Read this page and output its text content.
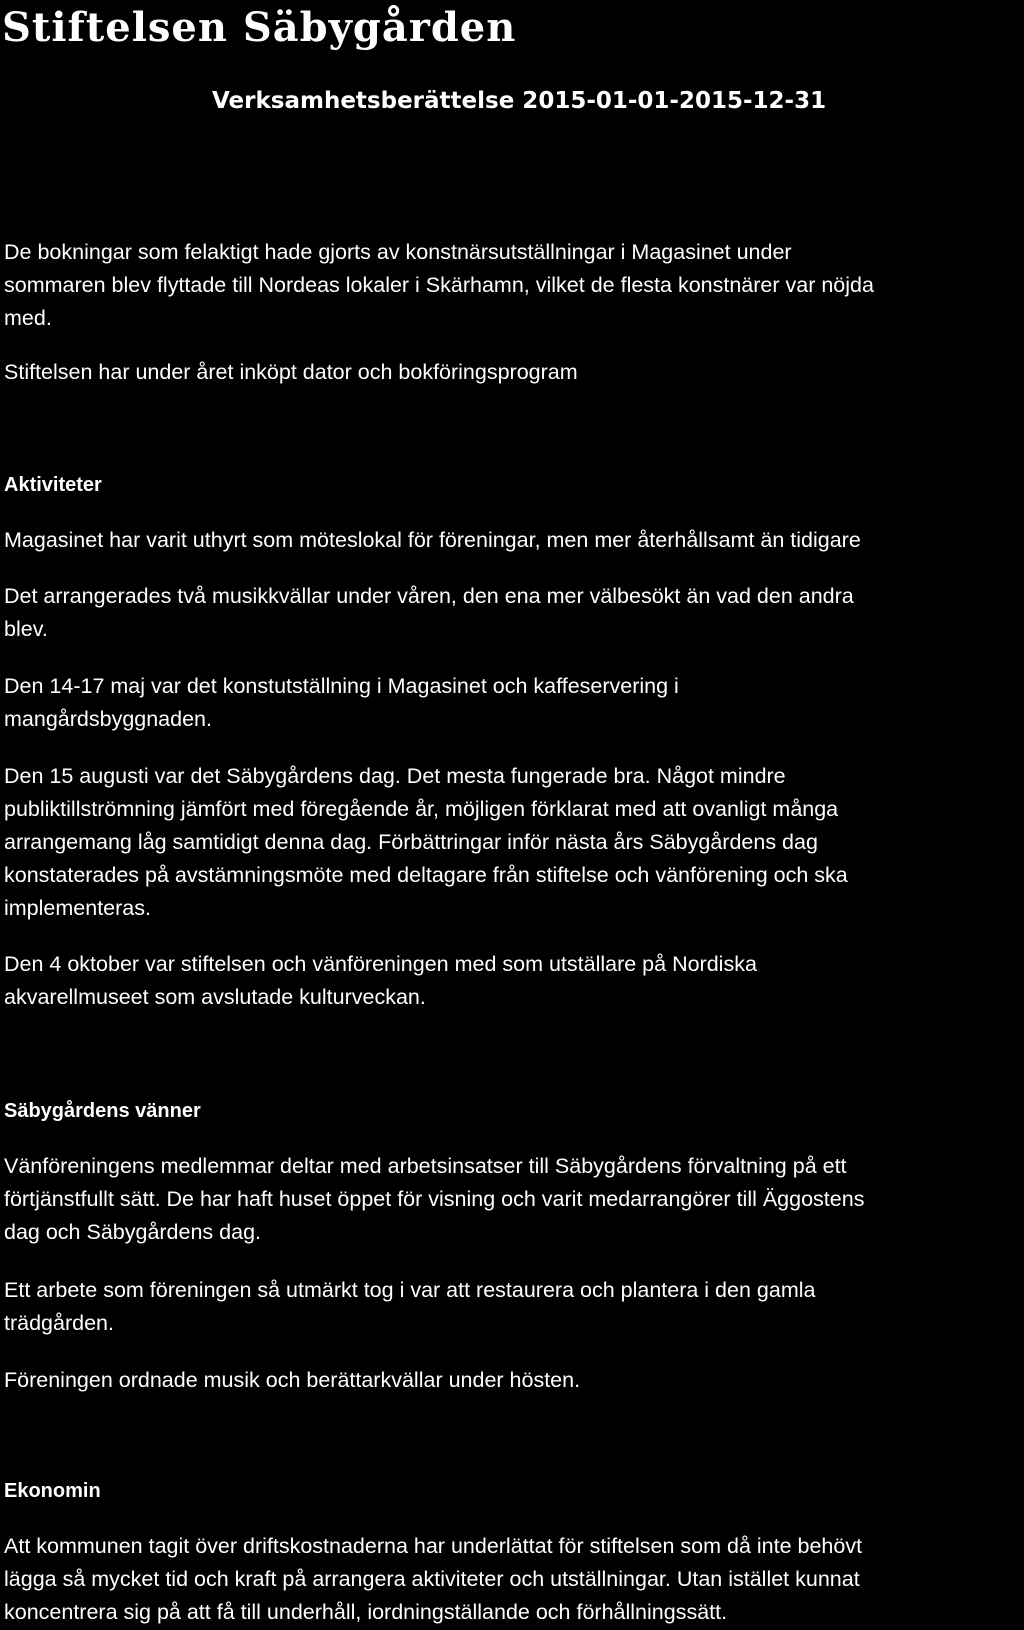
Stiftelsen Säbygården
Verksamhetsberättelse 2015-01-01-2015-12-31
De bokningar som felaktigt hade gjorts av konstnärsutställningar i Magasinet under
sommaren blev flyttade till Nordeas lokaler i Skärhamn, vilket de flesta konstnärer var nöjda
med.
Stiftelsen har under året inköpt dator och bokföringsprogram
Aktiviteter
Magasinet har varit uthyrt som möteslokal för föreningar, men mer återhållsamt än tidigare
Det arrangerades två musikkvällar under våren, den ena mer välbesökt än vad den andra
blev.
Den 14-17 maj var det konstutställning i Magasinet och kaffeservering i
mangårdsbyggnaden.
Den 15 augusti var det Säbygårdens dag. Det mesta fungerade bra. Något mindre
publiktillströmning jämfört med föregående år, möjligen förklarat med att ovanligt många
arrangemang låg samtidigt denna dag. Förbättringar inför nästa års Säbygårdens dag
konstaterades på avstämningsmöte med deltagare från stiftelse och vänförening och ska
implementeras.
Den 4 oktober var stiftelsen och vänföreningen med som utställare på Nordiska
akvarellmuseet som avslutade kulturveckan.
Säbygårdens vänner
Vänföreningens medlemmar deltar med arbetsinsatser till Säbygårdens förvaltning på ett
förtjänstfullt sätt. De har haft huset öppet för visning och varit medarrangörer till Äggostens
dag och Säbygårdens dag.
Ett arbete som föreningen så utmärkt tog i var att restaurera och plantera i den gamla
trädgården.
Föreningen ordnade musik och berättarkvällar under hösten.
Ekonomin
Att kommunen tagit över driftskostnaderna har underlättat för stiftelsen som då inte behövt
lägga så mycket tid och kraft på arrangera aktiviteter och utställningar. Utan istället kunnat
koncentrera sig på att få till underhåll, iordningställande och förhållningssätt.
